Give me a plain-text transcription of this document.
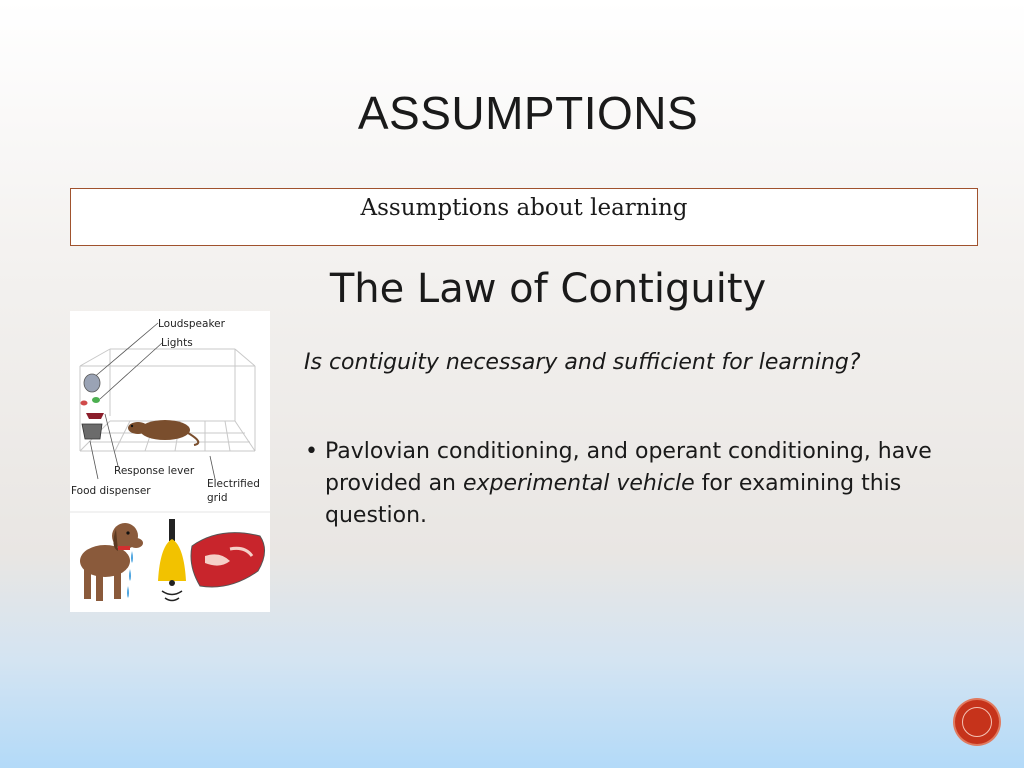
ASSUMPTIONS
Assumptions about learning
The Law of Contiguity
Is contiguity necessary and sufficient for learning?
• Pavlovian conditioning, and operant conditioning, have provided an experimental vehicle for examining this question.
Loudspeaker
Lights
Response lever
Food dispenser
Electrified
grid
